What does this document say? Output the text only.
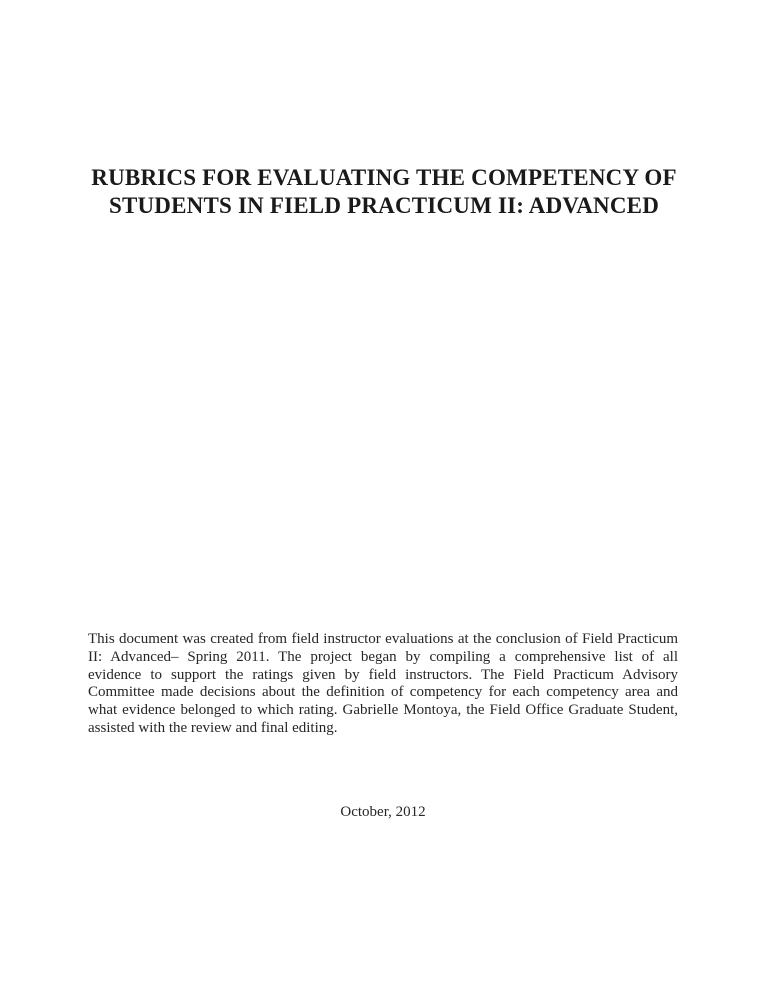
RUBRICS FOR EVALUATING THE COMPETENCY OF
STUDENTS IN FIELD PRACTICUM II: ADVANCED
This document was created from field instructor evaluations at the conclusion of Field Practicum
II: Advanced– Spring 2011. The project began by compiling a comprehensive list of all
evidence to support the ratings given by field instructors. The Field Practicum Advisory
Committee made decisions about the definition of competency for each competency area and
what evidence belonged to which rating. Gabrielle Montoya, the Field Office Graduate Student,
assisted with the review and final editing.
October, 2012
